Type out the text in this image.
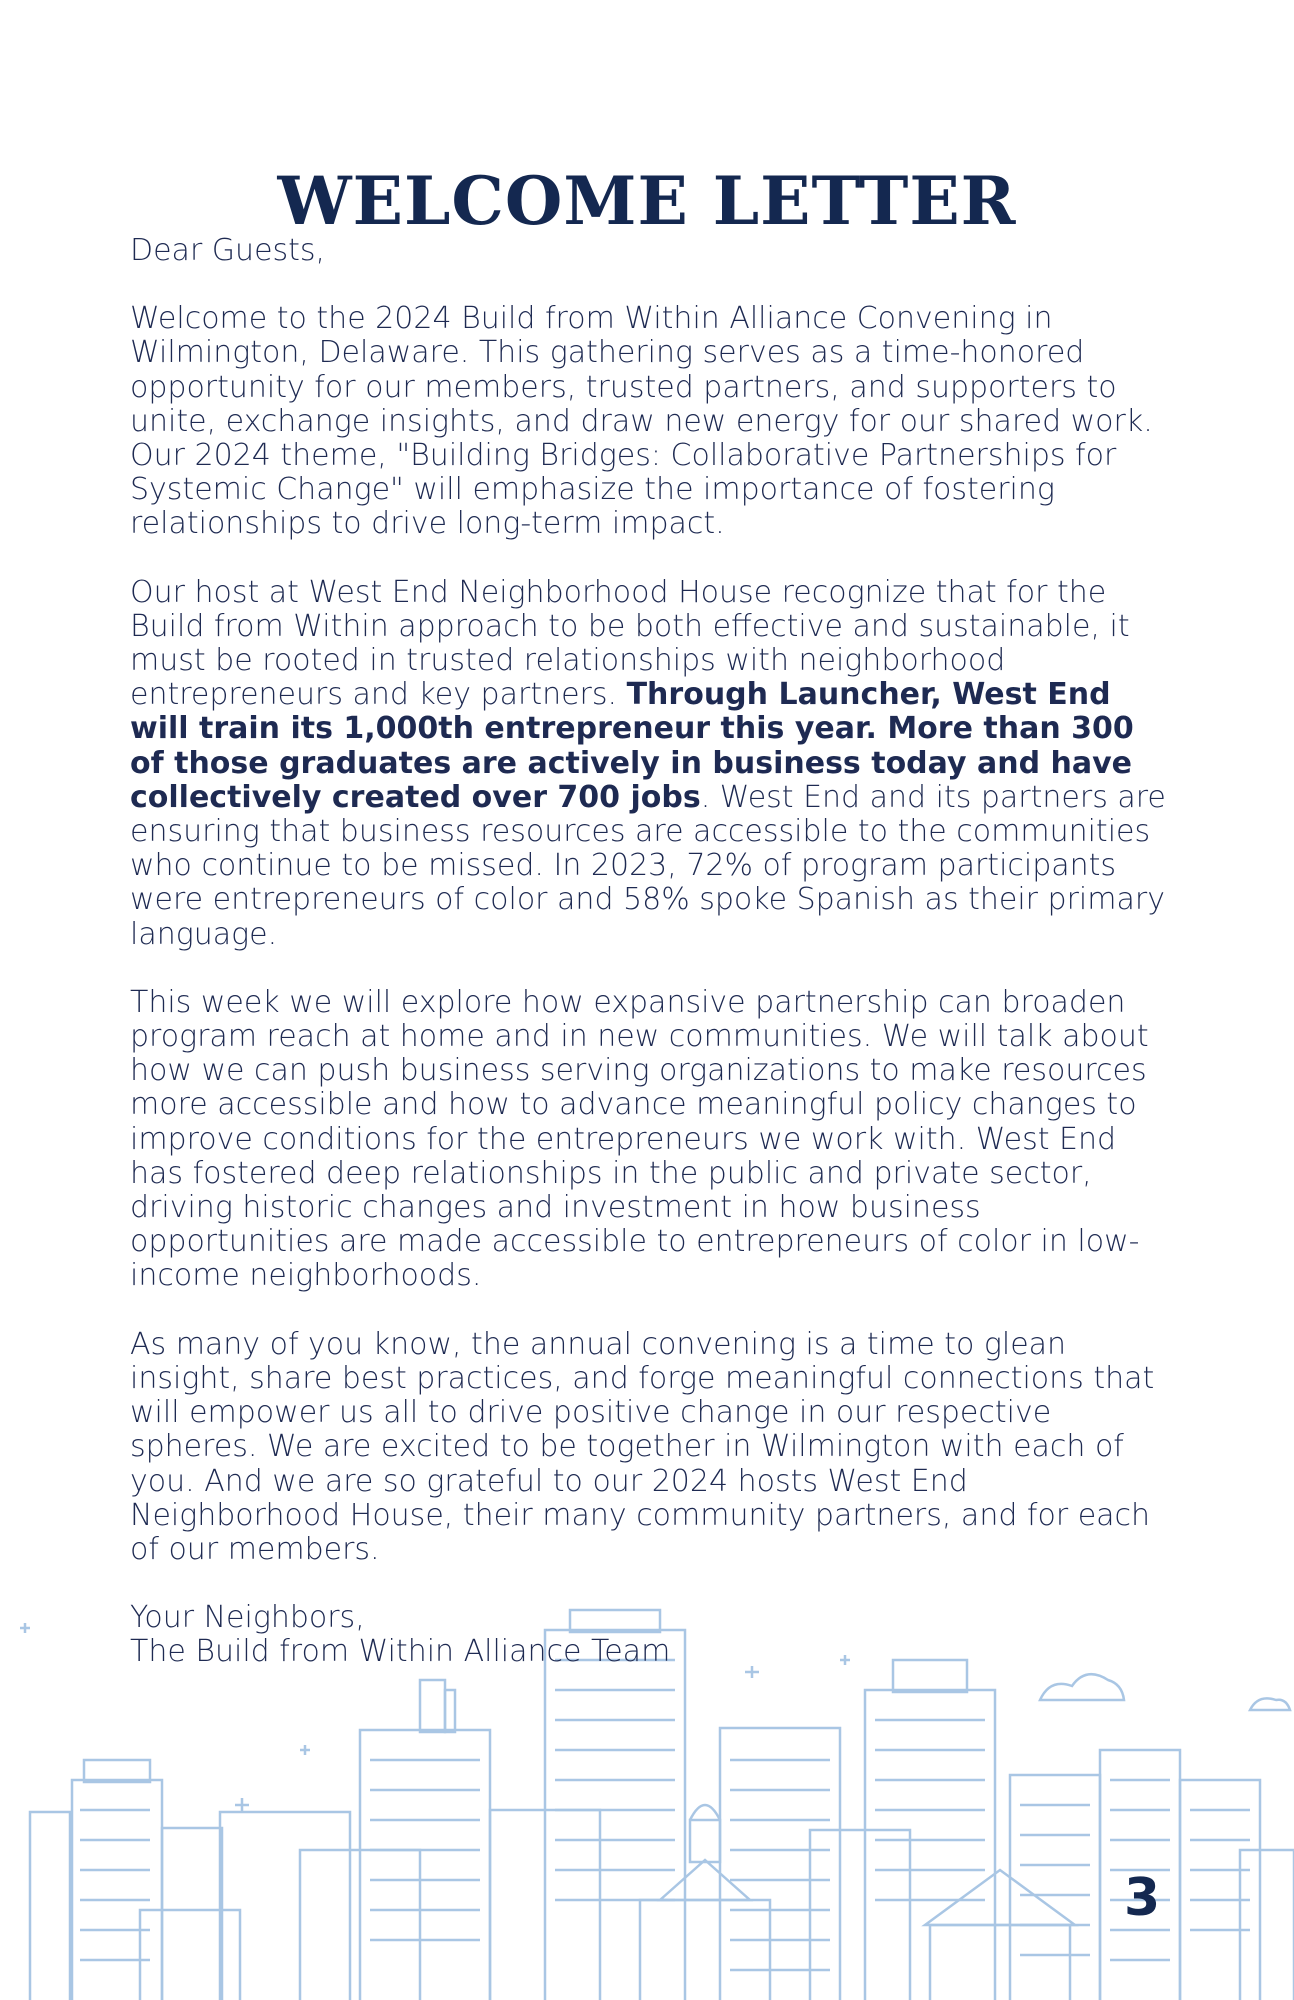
WELCOME LETTER

Dear Guests,

Welcome to the 2024 Build from Within Alliance Convening in Wilmington, Delaware. This gathering serves as a time-honored opportunity for our members, trusted partners, and supporters to unite, exchange insights, and draw new energy for our shared work. Our 2024 theme, "Building Bridges: Collaborative Partnerships for Systemic Change" will emphasize the importance of fostering relationships to drive long-term impact.

Our host at West End Neighborhood House recognize that for the Build from Within approach to be both effective and sustainable, it must be rooted in trusted relationships with neighborhood entrepreneurs and key partners. Through Launcher, West End will train its 1,000th entrepreneur this year. More than 300 of those graduates are actively in business today and have collectively created over 700 jobs. West End and its partners are ensuring that business resources are accessible to the communities who continue to be missed. In 2023, 72% of program participants were entrepreneurs of color and 58% spoke Spanish as their primary language.

This week we will explore how expansive partnership can broaden program reach at home and in new communities. We will talk about how we can push business serving organizations to make resources more accessible and how to advance meaningful policy changes to improve conditions for the entrepreneurs we work with. West End has fostered deep relationships in the public and private sector, driving historic changes and investment in how business opportunities are made accessible to entrepreneurs of color in low-income neighborhoods.

As many of you know, the annual convening is a time to glean insight, share best practices, and forge meaningful connections that will empower us all to drive positive change in our respective spheres. We are excited to be together in Wilmington with each of you. And we are so grateful to our 2024 hosts West End Neighborhood House, their many community partners, and for each of our members.

Your Neighbors,
The Build from Within Alliance Team
3
